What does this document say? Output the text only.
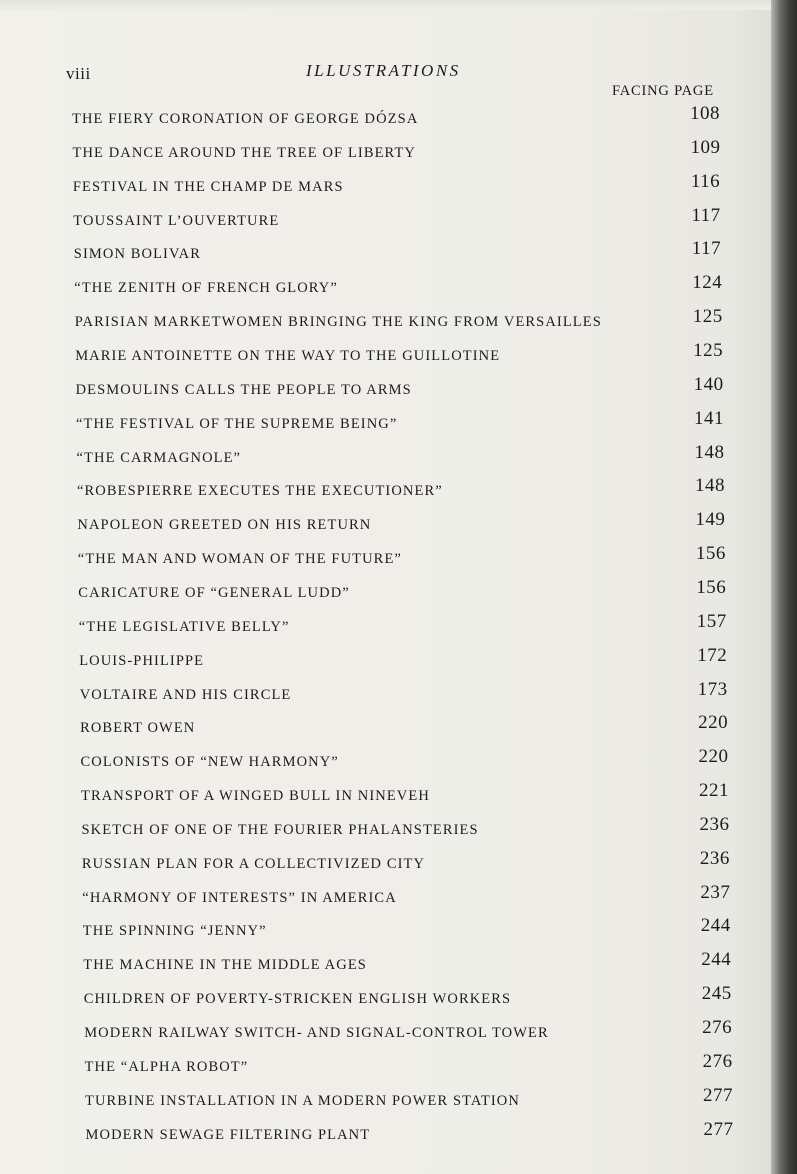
viii	ILLUSTRATIONS
FACING PAGE
THE FIERY CORONATION OF GEORGE DÓZSA	108
THE DANCE AROUND THE TREE OF LIBERTY	109
FESTIVAL IN THE CHAMP DE MARS	116
TOUSSAINT L’OUVERTURE	117
SIMON BOLIVAR	117
“THE ZENITH OF FRENCH GLORY”	124
PARISIAN MARKETWOMEN BRINGING THE KING FROM VERSAILLES	125
MARIE ANTOINETTE ON THE WAY TO THE GUILLOTINE	125
DESMOULINS CALLS THE PEOPLE TO ARMS	140
“THE FESTIVAL OF THE SUPREME BEING”	141
“THE CARMAGNOLE”	148
“ROBESPIERRE EXECUTES THE EXECUTIONER”	148
NAPOLEON GREETED ON HIS RETURN	149
“THE MAN AND WOMAN OF THE FUTURE”	156
CARICATURE OF “GENERAL LUDD”	156
“THE LEGISLATIVE BELLY”	157
LOUIS-PHILIPPE	172
VOLTAIRE AND HIS CIRCLE	173
ROBERT OWEN	220
COLONISTS OF “NEW HARMONY”	220
TRANSPORT OF A WINGED BULL IN NINEVEH	221
SKETCH OF ONE OF THE FOURIER PHALANSTERIES	236
RUSSIAN PLAN FOR A COLLECTIVIZED CITY	236
“HARMONY OF INTERESTS” IN AMERICA	237
THE SPINNING “JENNY”	244
THE MACHINE IN THE MIDDLE AGES	244
CHILDREN OF POVERTY-STRICKEN ENGLISH WORKERS	245
MODERN RAILWAY SWITCH- AND SIGNAL-CONTROL TOWER	276
THE “ALPHA ROBOT”	276
TURBINE INSTALLATION IN A MODERN POWER STATION	277
MODERN SEWAGE FILTERING PLANT	277
